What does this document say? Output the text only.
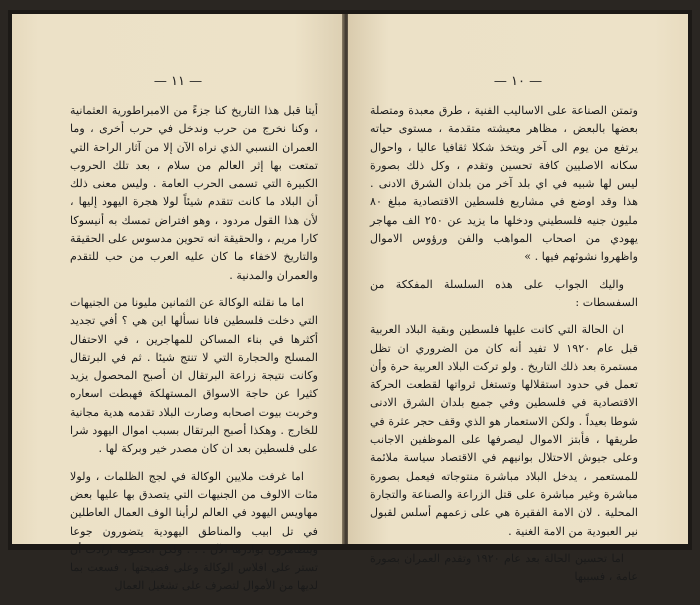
— ١١ —

أيتا قبل هذا التاريخ كنا جزءً من الامبراطورية العثمانية ، وكنا نخرج من حرب وندخل في حرب أخرى ، وما العمران النسبي الذي نراه الآن إلا من آثار الراحة التي تمتعت بها إثر العالم من سلام ، بعد تلك الحروب الكبيرة التي تسمى الحرب العامة . وليس معنى ذلك أن البلاد ما كانت تتقدم شيئاً لولا هجرة اليهود إليها ، لأن هذا القول مردود ، وهو افتراض تمسك به أنيسوكا كارا مريم ، والحقيقة انه تحوين مدسوس على الحقيقة والتاريخ لاخفاء ما كان عليه العرب من حب للتقدم والعمران والمدنية .

اما ما نقلته الوكالة عن الثمانين مليونا من الجنيهات التي دخلت فلسطين فانا نسألها اين هي ؟ أفي تجديد أكثرها في بناء المساكن للمهاجرين ، في الاحتفال المسلح والحجارة التي لا تنتج شيئا . ثم في البرتقال وكانت نتيجة زراعة البرتقال ان أصبح المحصول يزيد كثيرا عن حاجة الاسواق المستهلكة فهبطت اسعاره وخربت بيوت اصحابه وصارت البلاد تقدمه هدية مجانية للخارج . وهكذا أصبح البرتقال بسبب اموال اليهود شرا على فلسطين بعد ان كان مصدر خير وبركة لها .

اما غرفت ملايين الوكالة في لجج الظلمات ، ولولا مئات الالوف من الجنيهات التي يتصدق بها عليها بعض مهاويس اليهود في العالم لرأينا الوف العمال العاطلين في تل ابيب والمناطق اليهودية يتضورون جوعا ويتظاهرون بوادرها الآن . . . ولكن الحكومة ارادت أن تستر على افلاس الوكالة وعلى فضيحتها ، فسعت بما لديها من الأموال لتصرف على تشغيل العمال

— ١٠ —

وتمتن الصناعة على الاساليب الفنية ، طرق معبدة ومتصلة بعضها بالبعض ، مظاهر معيشته متقدمة ، مستوى حياته يرتفع من يوم الى آخر ويتخذ شكلا ثقافيا عاليا ، واحوال سكانه الاصليين كافة تحسين وتقدم ، وكل ذلك بصورة ليس لها شبيه في اي بلد آخر من بلدان الشرق الادنى . هذا وقد اوضع في مشاريع فلسطين الاقتصادية مبلغ ٨٠ مليون جنيه فلسطيني ودخلها ما يزيد عن ٢٥٠ الف مهاجر يهودي من اصحاب المواهب والفن ورؤوس الاموال واظهروا نشوئهم فيها . »

واليك الجواب على هذه السلسلة المفككة من السفسطات :

ان الحالة التي كانت عليها فلسطين وبقية البلاد العربية قبل عام ١٩٢٠ لا تفيد أنه كان من الضروري ان تظل مستمرة بعد ذلك التاريخ . ولو تركت البلاد العربية حرة وأن تعمل في حدود استقلالها وتستغل ثرواتها لقطعت الحركة الاقتصادية في فلسطين وفي جميع بلدان الشرق الادنى شوطا بعيداً . ولكن الاستعمار هو الذي وقف حجر عثرة في طريقها ، فأبتز الاموال ليصرفها على الموظفين الاجانب وعلى جيوش الاحتلال بوانيهم في الاقتصاد سياسة ملائمة للمستعمر ، يدخل البلاد مباشرة منتوجاته فيعمل بصورة مباشرة وغير مباشرة على قتل الزراعة والصناعة والتجارة المحلية . لان الامة الفقيرة هي على زعمهم أسلس لقبول نير العبودية من الامة الغنية .

اما تحسين الحالة بعد عام ١٩٢٠ وتقدم العمران بصورة عامة ، فسببها
